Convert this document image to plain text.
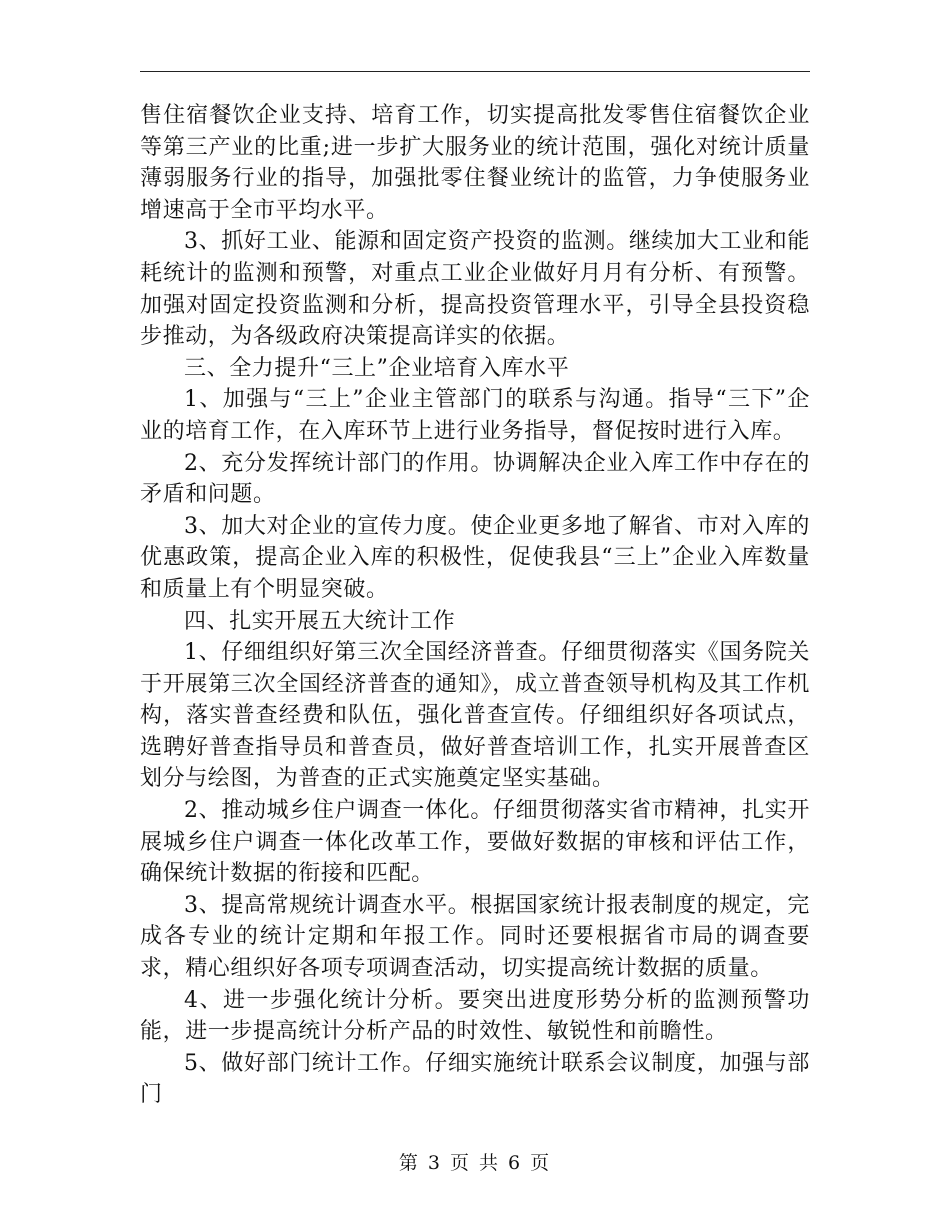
售住宿餐饮企业支持、培育工作，切实提高批发零售住宿餐饮企业等第三产业的比重;进一步扩大服务业的统计范围，强化对统计质量薄弱服务行业的指导，加强批零住餐业统计的监管，力争使服务业增速高于全市平均水平。

3、抓好工业、能源和固定资产投资的监测。继续加大工业和能耗统计的监测和预警，对重点工业企业做好月月有分析、有预警。加强对固定投资监测和分析，提高投资管理水平，引导全县投资稳步推动，为各级政府决策提高详实的依据。

三、全力提升“三上”企业培育入库水平

1、加强与“三上”企业主管部门的联系与沟通。指导“三下”企业的培育工作，在入库环节上进行业务指导，督促按时进行入库。

2、充分发挥统计部门的作用。协调解决企业入库工作中存在的矛盾和问题。

3、加大对企业的宣传力度。使企业更多地了解省、市对入库的优惠政策，提高企业入库的积极性，促使我县“三上”企业入库数量和质量上有个明显突破。

四、扎实开展五大统计工作

1、仔细组织好第三次全国经济普查。仔细贯彻落实《国务院关于开展第三次全国经济普查的通知》，成立普查领导机构及其工作机构，落实普查经费和队伍，强化普查宣传。仔细组织好各项试点，选聘好普查指导员和普查员，做好普查培训工作，扎实开展普查区划分与绘图，为普查的正式实施奠定坚实基础。

2、推动城乡住户调查一体化。仔细贯彻落实省市精神，扎实开展城乡住户调查一体化改革工作，要做好数据的审核和评估工作，确保统计数据的衔接和匹配。

3、提高常规统计调查水平。根据国家统计报表制度的规定，完成各专业的统计定期和年报工作。同时还要根据省市局的调查要求，精心组织好各项专项调查活动，切实提高统计数据的质量。

4、进一步强化统计分析。要突出进度形势分析的监测预警功能，进一步提高统计分析产品的时效性、敏锐性和前瞻性。

5、做好部门统计工作。仔细实施统计联系会议制度，加强与部门

第 3 页 共 6 页
